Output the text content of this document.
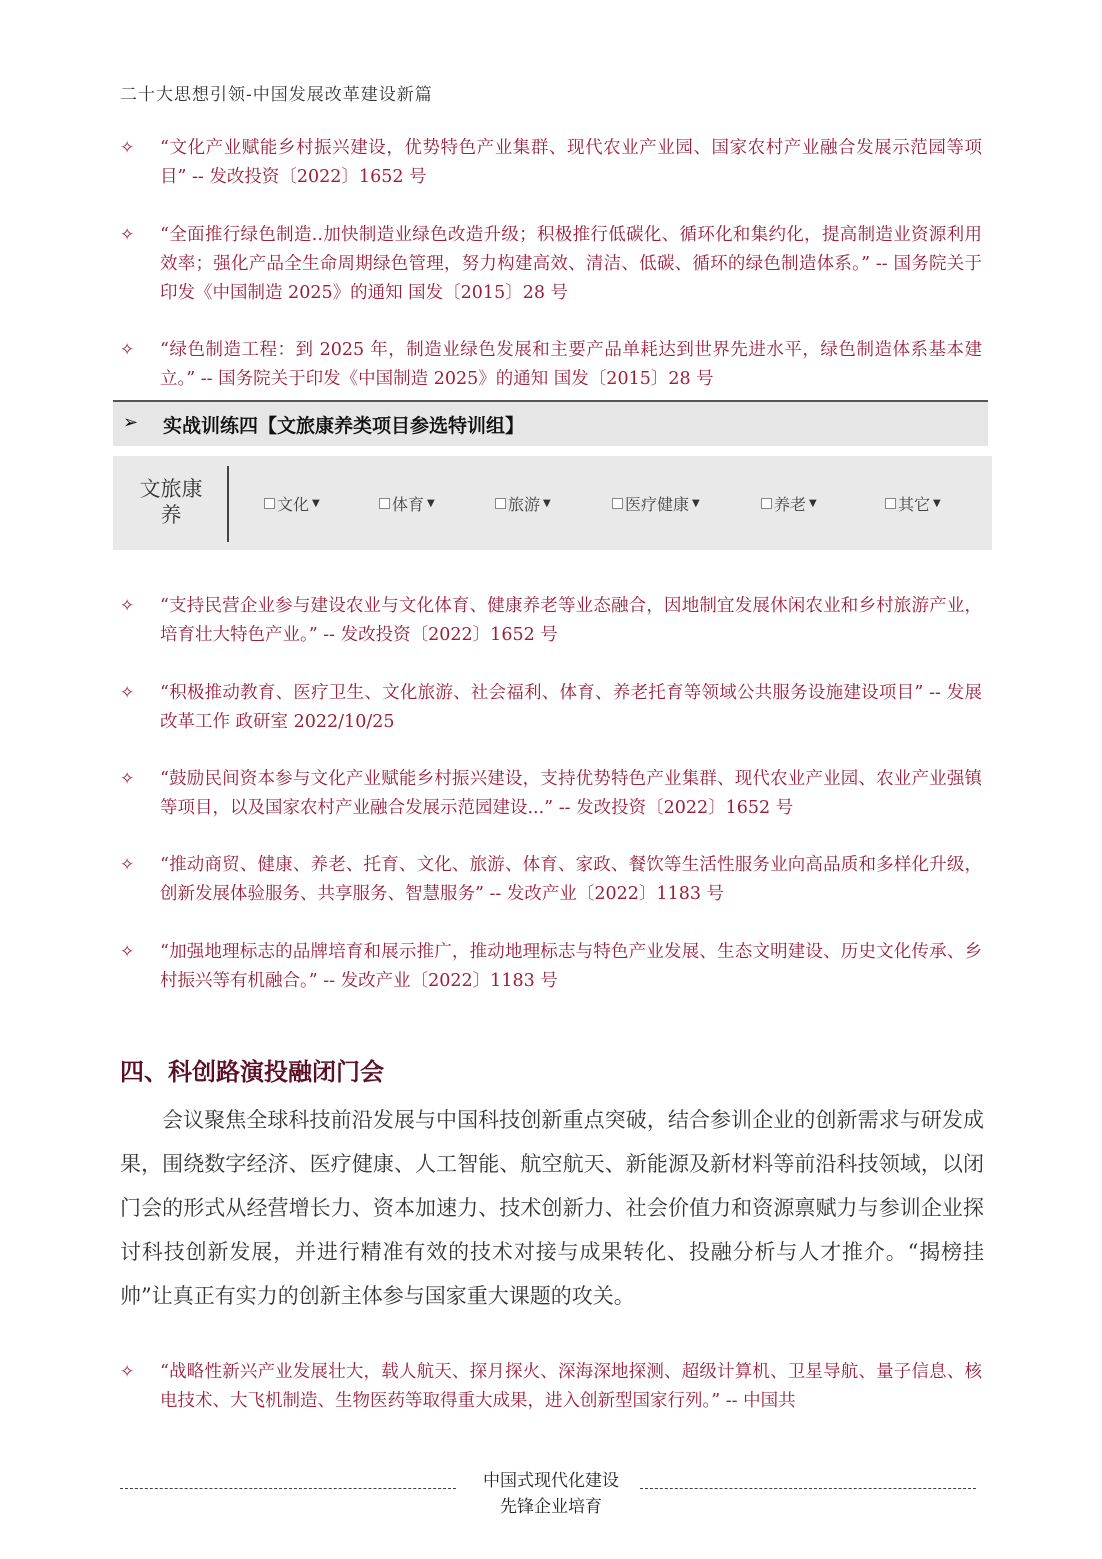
二十大思想引领-中国发展改革建设新篇
✧	“文化产业赋能乡村振兴建设，优势特色产业集群、现代农业产业园、国家农村产业融合发展示范园等项目” -- 发改投资〔2022〕1652 号
✧	“全面推行绿色制造..加快制造业绿色改造升级；积极推行低碳化、循环化和集约化，提高制造业资源利用效率；强化产品全生命周期绿色管理，努力构建高效、清洁、低碳、循环的绿色制造体系。” -- 国务院关于印发《中国制造 2025》的通知 国发〔2015〕28 号
✧	“绿色制造工程：到 2025 年，制造业绿色发展和主要产品单耗达到世界先进水平，绿色制造体系基本建立。” -- 国务院关于印发《中国制造 2025》的通知 国发〔2015〕28 号
➢ 实战训练四【文旅康养类项目参选特训组】
文旅康养	文化 ▼	体育 ▼	旅游 ▼	医疗健康 ▼	养老 ▼	其它 ▼
✧	“支持民营企业参与建设农业与文化体育、健康养老等业态融合，因地制宜发展休闲农业和乡村旅游产业，培育壮大特色产业。” -- 发改投资〔2022〕1652 号
✧	“积极推动教育、医疗卫生、文化旅游、社会福利、体育、养老托育等领域公共服务设施建设项目” -- 发展改革工作 政研室 2022/10/25
✧	“鼓励民间资本参与文化产业赋能乡村振兴建设，支持优势特色产业集群、现代农业产业园、农业产业强镇等项目，以及国家农村产业融合发展示范园建设...” -- 发改投资〔2022〕1652 号
✧	“推动商贸、健康、养老、托育、文化、旅游、体育、家政、餐饮等生活性服务业向高品质和多样化升级，创新发展体验服务、共享服务、智慧服务” -- 发改产业〔2022〕1183 号
✧	“加强地理标志的品牌培育和展示推广，推动地理标志与特色产业发展、生态文明建设、历史文化传承、乡村振兴等有机融合。” -- 发改产业〔2022〕1183 号
四、科创路演投融闭门会

会议聚焦全球科技前沿发展与中国科技创新重点突破，结合参训企业的创新需求与研发成果，围绕数字经济、医疗健康、人工智能、航空航天、新能源及新材料等前沿科技领域，以闭门会的形式从经营增长力、资本加速力、技术创新力、社会价值力和资源禀赋力与参训企业探讨科技创新发展，并进行精准有效的技术对接与成果转化、投融分析与人才推介。“揭榜挂帅”让真正有实力的创新主体参与国家重大课题的攻关。

✧	“战略性新兴产业发展壮大，载人航天、探月探火、深海深地探测、超级计算机、卫星导航、量子信息、核电技术、大飞机制造、生物医药等取得重大成果，进入创新型国家行列。” -- 中国共
中国式现代化建设
先锋企业培育
